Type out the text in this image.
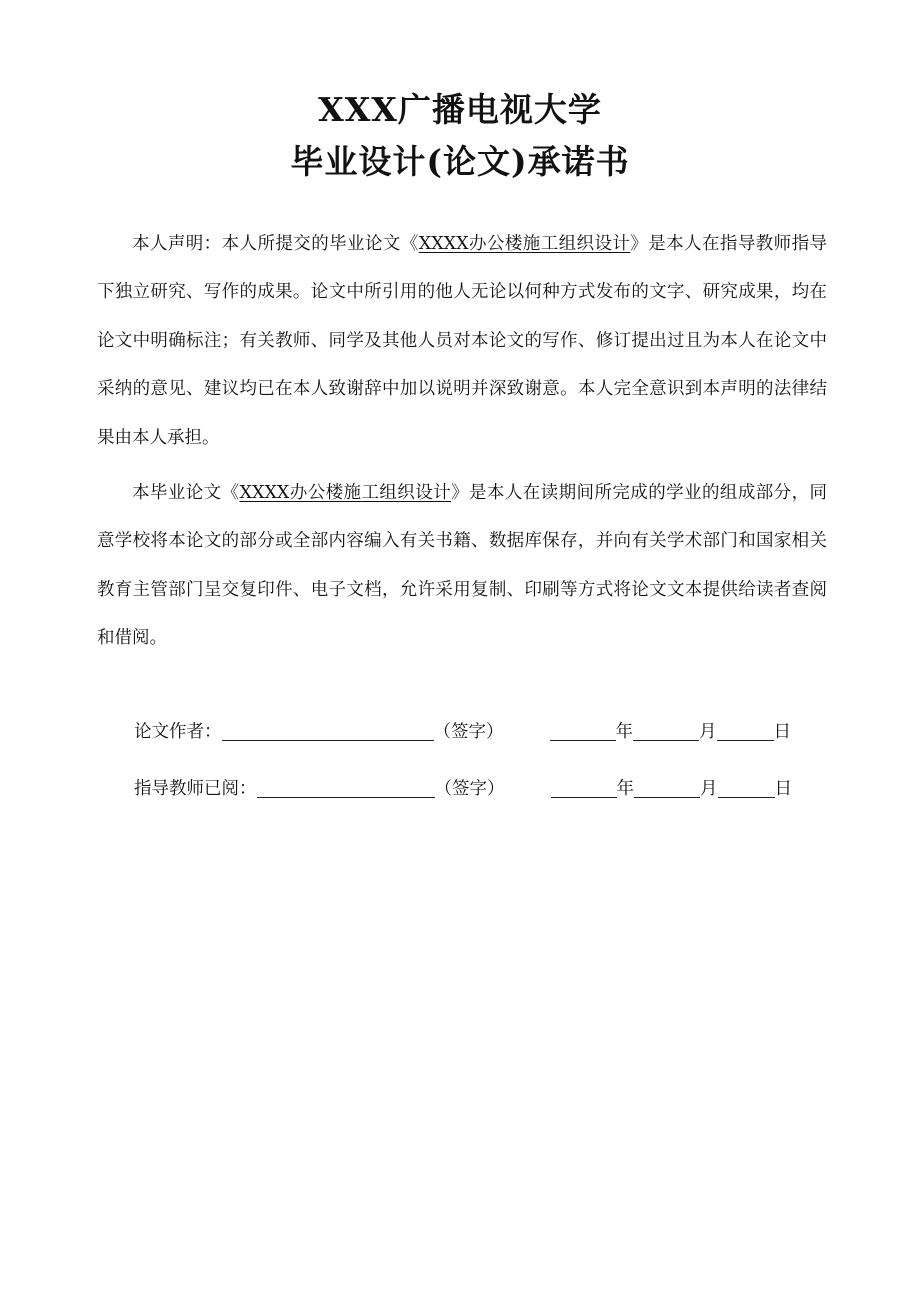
XXX广播电视大学
毕业设计(论文)承诺书

本人声明：本人所提交的毕业论文《XXXX办公楼施工组织设计》是本人在指导教师指导下独立研究、写作的成果。论文中所引用的他人无论以何种方式发布的文字、研究成果，均在论文中明确标注；有关教师、同学及其他人员对本论文的写作、修订提出过且为本人在论文中采纳的意见、建议均已在本人致谢辞中加以说明并深致谢意。本人完全意识到本声明的法律结果由本人承担。

本毕业论文《XXXX办公楼施工组织设计》是本人在读期间所完成的学业的组成部分，同意学校将本论文的部分或全部内容编入有关书籍、数据库保存，并向有关学术部门和国家相关教育主管部门呈交复印件、电子文档，允许采用复制、印刷等方式将论文文本提供给读者查阅和借阅。

论文作者：	（签字）	年	月	日
指导教师已阅：	（签字）	年	月	日
